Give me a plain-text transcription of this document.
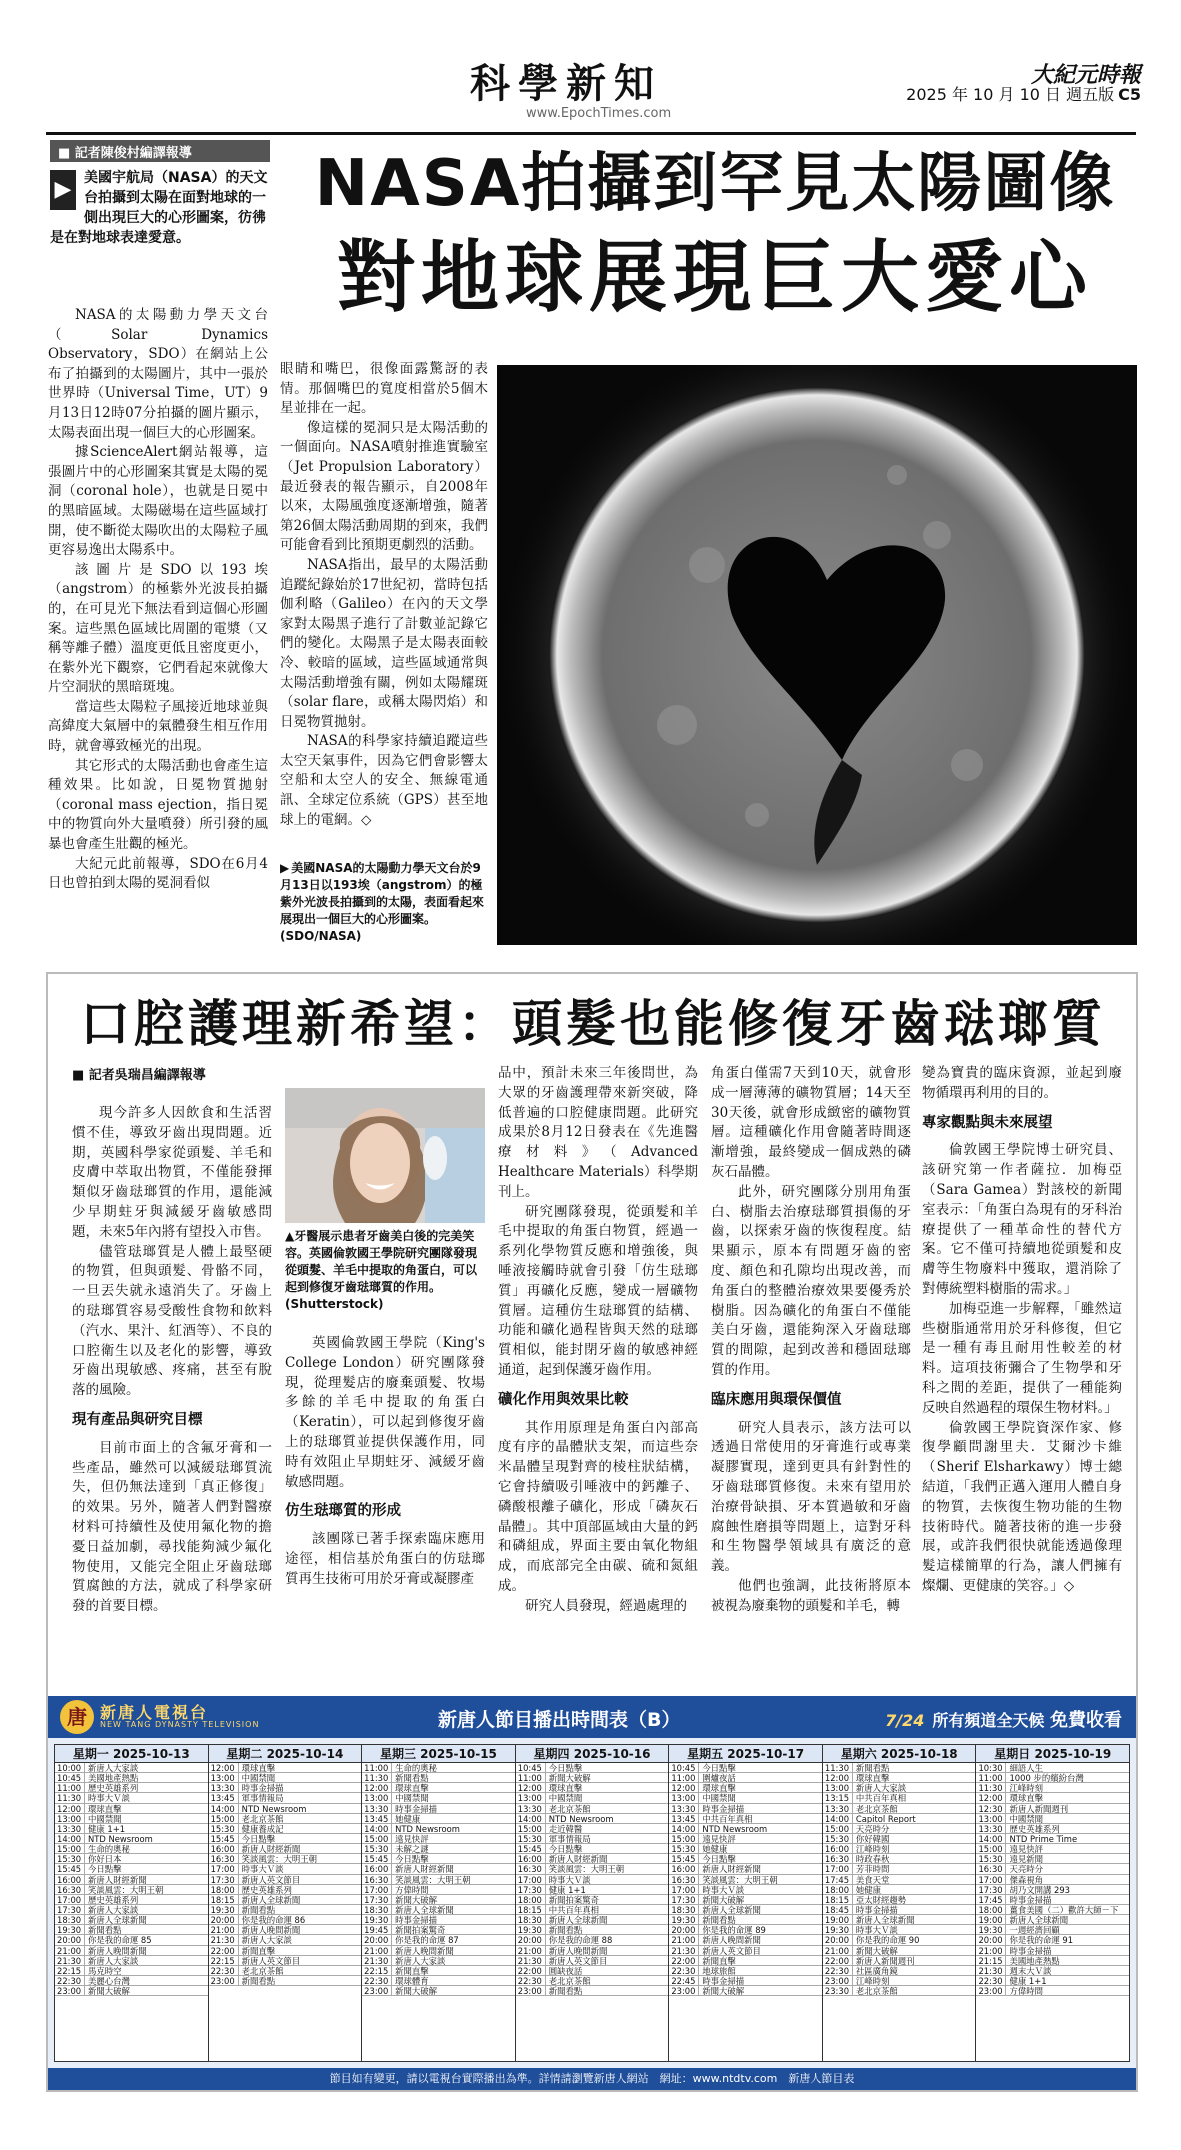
科學新知
www.EpochTimes.com
大紀元時報
2025 年 10 月 10 日 週五版 C5
■ 記者陳俊村編譯報導
▶ 美國宇航局（NASA）的天文台拍攝到太陽在面對地球的一側出現巨大的心形圖案，彷彿是在對地球表達愛意。
NASA拍攝到罕見太陽圖像
對地球展現巨大愛心

NASA的太陽動力學天文台（Solar Dynamics Observatory，SDO）在網站上公布了拍攝到的太陽圖片，其中一張於世界時（Universal Time，UT）9月13日12時07分拍攝的圖片顯示，太陽表面出現一個巨大的心形圖案。

據ScienceAlert網站報導，這張圖片中的心形圖案其實是太陽的冕洞（coronal hole），也就是日冕中的黑暗區域。太陽磁場在這些區域打開，使不斷從太陽吹出的太陽粒子風更容易逸出太陽系中。

該圖片是SDO以193埃（angstrom）的極紫外光波長拍攝的，在可見光下無法看到這個心形圖案。這些黑色區域比周圍的電漿（又稱等離子體）溫度更低且密度更小，在紫外光下觀察，它們看起來就像大片空洞狀的黑暗斑塊。

當這些太陽粒子風接近地球並與高緯度大氣層中的氣體發生相互作用時，就會導致極光的出現。

其它形式的太陽活動也會產生這種效果。比如說，日冕物質拋射（coronal mass ejection，指日冕中的物質向外大量噴發）所引發的風暴也會產生壯觀的極光。

大紀元此前報導，SDO在6月4日也曾拍到太陽的冕洞看似

眼睛和嘴巴，很像面露驚訝的表情。那個嘴巴的寬度相當於5個木星並排在一起。

像這樣的冕洞只是太陽活動的一個面向。NASA噴射推進實驗室（Jet Propulsion Laboratory）最近發表的報告顯示，自2008年以來，太陽風強度逐漸增強，隨著第26個太陽活動周期的到來，我們可能會看到比預期更劇烈的活動。

NASA指出，最早的太陽活動追蹤紀錄始於17世紀初，當時包括伽利略（Galileo）在內的天文學家對太陽黑子進行了計數並記錄它們的變化。太陽黑子是太陽表面較冷、較暗的區域，這些區域通常與太陽活動增強有關，例如太陽耀斑（solar flare，或稱太陽閃焰）和日冕物質拋射。

NASA的科學家持續追蹤這些太空天氣事件，因為它們會影響太空船和太空人的安全、無線電通訊、全球定位系統（GPS）甚至地球上的電網。◇

▶ 美國NASA的太陽動力學天文台於9月13日以193埃（angstrom）的極紫外光波長拍攝到的太陽，表面看起來展現出一個巨大的心形圖案。(SDO/NASA)
口腔護理新希望：頭髮也能修復牙齒琺瑯質
■ 記者吳瑞昌編譯報導

現今許多人因飲食和生活習慣不佳，導致牙齒出現問題。近期，英國科學家從頭髮、羊毛和皮膚中萃取出物質，不僅能發揮類似牙齒琺瑯質的作用，還能減少早期蛀牙與減緩牙齒敏感問題，未來5年內將有望投入市售。

儘管琺瑯質是人體上最堅硬的物質，但與頭髮、骨骼不同，一旦丟失就永遠消失了。牙齒上的琺瑯質容易受酸性食物和飲料（汽水、果汁、紅酒等）、不良的口腔衛生以及老化的影響，導致牙齒出現敏感、疼痛，甚至有脫落的風險。

現有產品與研究目標

目前市面上的含氟牙膏和一些產品，雖然可以減緩琺瑯質流失，但仍無法達到「真正修復」的效果。另外，隨著人們對醫療材料可持續性及使用氟化物的擔憂日益加劇，尋找能夠減少氟化物使用，又能完全阻止牙齒琺瑯質腐蝕的方法，就成了科學家研發的首要目標。

▲牙醫展示患者牙齒美白後的完美笑容。英國倫敦國王學院研究團隊發現從頭髮、羊毛中提取的角蛋白，可以起到修復牙齒琺瑯質的作用。(Shutterstock)

英國倫敦國王學院（King's College London）研究團隊發現，從理髮店的廢棄頭髮、牧場多餘的羊毛中提取的角蛋白（Keratin），可以起到修復牙齒上的琺瑯質並提供保護作用，同時有效阻止早期蛀牙、減緩牙齒敏感問題。

仿生琺瑯質的形成

該團隊已著手探索臨床應用途徑，相信基於角蛋白的仿琺瑯質再生技術可用於牙膏或凝膠產

品中，預計未來三年後問世，為大眾的牙齒護理帶來新突破，降低普遍的口腔健康問題。此研究成果於8月12日發表在《先進醫療材料》（Advanced Healthcare Materials）科學期刊上。

研究團隊發現，從頭髮和羊毛中提取的角蛋白物質，經過一系列化學物質反應和增強後，與唾液接觸時就會引發「仿生琺瑯質」再礦化反應，變成一層礦物質層。這種仿生琺瑯質的結構、功能和礦化過程皆與天然的琺瑯質相似，能封閉牙齒的敏感神經通道，起到保護牙齒作用。

礦化作用與效果比較

其作用原理是角蛋白內部高度有序的晶體狀支架，而這些奈米晶體呈現對齊的棱柱狀結構，它會持續吸引唾液中的鈣離子、磷酸根離子礦化，形成「磷灰石晶體」。其中頂部區域由大量的鈣和磷組成，界面主要由氧化物組成，而底部完全由碳、硫和氮組成。

研究人員發現，經過處理的

角蛋白僅需7天到10天，就會形成一層薄薄的礦物質層；14天至30天後，就會形成緻密的礦物質層。這種礦化作用會隨著時間逐漸增強，最終變成一個成熟的磷灰石晶體。

此外，研究團隊分別用角蛋白、樹脂去治療琺瑯質損傷的牙齒，以探索牙齒的恢復程度。結果顯示，原本有問題牙齒的密度、顏色和孔隙均出現改善，而角蛋白的整體治療效果要優秀於樹脂。因為礦化的角蛋白不僅能美白牙齒，還能夠深入牙齒琺瑯質的間隙，起到改善和穩固琺瑯質的作用。

臨床應用與環保價值

研究人員表示，該方法可以透過日常使用的牙膏進行或專業凝膠實現，達到更具有針對性的牙齒琺瑯質修復。未來有望用於治療骨缺損、牙本質過敏和牙齒腐蝕性磨損等問題上，這對牙科和生物醫學領域具有廣泛的意義。

他們也強調，此技術將原本被視為廢棄物的頭髮和羊毛，轉

變為寶貴的臨床資源，並起到廢物循環再利用的目的。

專家觀點與未來展望

倫敦國王學院博士研究員、該研究第一作者薩拉．加梅亞（Sara Gamea）對該校的新聞室表示：「角蛋白為現有的牙科治療提供了一種革命性的替代方案。它不僅可持續地從頭髮和皮膚等生物廢料中獲取，還消除了對傳統塑料樹脂的需求。」

加梅亞進一步解釋，「雖然這些樹脂通常用於牙科修復，但它是一種有毒且耐用性較差的材料。這項技術彌合了生物學和牙科之間的差距，提供了一種能夠反映自然過程的環保生物材料。」

倫敦國王學院資深作家、修復學顧問謝里夫．艾爾沙卡維（Sherif Elsharkawy）博士總結道，「我們正邁入運用人體自身的物質，去恢復生物功能的生物技術時代。隨著技術的進一步發展，或許我們很快就能透過像理髮這樣簡單的行為，讓人們擁有燦爛、更健康的笑容。」◇

唐 新唐人電視台
NEW TANG DYNASTY TELEVISION	新唐人節目播出時間表（B）	7/24 所有頻道全天候 免費收看
星期一 2025-10-13
10:00 新唐人大家談
10:45 美國地產熱點
11:00 歷史英雄系列
11:30 時事大Ｖ談
12:00 環球直擊
13:00 中國禁聞
13:30 健康 1+1
14:00 NTD Newsroom
15:00 生命的奧秘
15:30 你好日本
15:45 今日點擊
16:00 新唐人財經新聞
16:30 笑談風雲：大明王朝
17:00 歷史英雄系列
17:30 新唐人大家談
18:30 新唐人全球新聞
19:30 新聞看點
20:00 你是我的命運 85
21:00 新唐人晚間新聞
21:30 新唐人大家談
22:15 馬克時空
22:30 美麗心台灣
23:00 新聞大破解
星期二 2025-10-14
12:00 環球直擊
13:00 中國禁聞
13:30 時事金掃描
13:45 軍事情報局
14:00 NTD Newsroom
15:00 老北京茶館
15:30 健康養成記
15:45 今日點擊
16:00 新唐人財經新聞
16:30 笑談風雲：大明王朝
17:00 時事大Ｖ談
17:30 新唐人英文節目
18:00 歷史英雄系列
18:15 新唐人全球新聞
19:30 新聞看點
20:00 你是我的命運 86
21:00 新唐人晚間新聞
21:30 新唐人大家談
22:00 新聞直擊
22:15 新唐人英文節目
22:30 老北京茶館
23:00 新聞看點
星期三 2025-10-15
11:00 生命的奧秘
11:30 新聞看點
12:00 環球直擊
13:00 中國禁聞
13:30 時事金掃描
13:45 她健康
14:00 NTD Newsroom
15:00 遠見快評
15:30 未解之謎
15:45 今日點擊
16:00 新唐人財經新聞
16:30 笑談風雲：大明王朝
17:00 方偉時間
17:30 新聞大破解
18:30 新唐人全球新聞
19:30 時事金掃描
19:45 新聞拍案驚奇
20:00 你是我的命運 87
21:00 新唐人晚間新聞
21:30 新唐人大家談
22:15 新聞直擊
22:30 環球體育
23:00 新聞大破解
星期四 2025-10-16
10:45 今日點擊
11:00 新聞大破解
12:00 環球直擊
13:00 中國禁聞
13:30 老北京茶館
14:00 NTD Newsroom
15:00 走近韓醫
15:30 軍事情報局
15:45 今日點擊
16:00 新唐人財經新聞
16:30 笑談風雲：大明王朝
17:00 時事大Ｖ談
17:30 健康 1+1
18:00 新聞拍案驚奇
18:15 中共百年真相
18:30 新唐人全球新聞
19:30 新聞看點
20:00 你是我的命運 88
21:00 新唐人晚間新聞
21:30 新唐人英文節目
22:00 圓缺夜話
22:30 老北京茶館
23:00 新聞看點
星期五 2025-10-17
10:45 今日點擊
11:00 圍爐夜話
12:00 環球直擊
13:00 中國禁聞
13:30 時事金掃描
13:45 中共百年真相
14:00 NTD Newsroom
15:00 遠見快評
15:30 她健康
15:45 今日點擊
16:00 新唐人財經新聞
16:30 笑談風雲：大明王朝
17:00 時事大Ｖ談
17:30 新聞大破解
18:30 新唐人全球新聞
19:30 新聞看點
20:00 你是我的命運 89
21:00 新唐人晚間新聞
21:30 新唐人英文節目
22:00 新聞直擊
22:30 地球旅館
22:45 時事金掃描
23:00 新聞大破解
星期六 2025-10-18
11:30 新聞看點
12:00 環球直擊
13:00 新唐人大家談
13:15 中共百年真相
13:30 老北京茶館
14:00 Capitol Report
15:00 天亮時分
15:30 你好韓國
16:00 江峰時刻
16:30 時政春秋
17:00 芳菲時間
17:45 美食天堂
18:00 她健康
18:15 亞太財經趨勢
18:45 時事金掃描
19:00 新唐人全球新聞
19:30 時事大Ｖ談
20:00 你是我的命運 90
21:00 新聞大破解
22:00 新唐人新聞週刊
22:30 社區廣角鏡
23:00 江峰時刻
23:30 老北京茶館
星期日 2025-10-19
10:30 細語人生
11:00 1000 步的繽紛台灣
11:30 江峰時刻
12:00 環球直擊
12:30 新唐人新聞週刊
13:00 中國禁聞
13:30 歷史英雄系列
14:00 NTD Prime Time
15:00 遠見快評
15:30 遠見新聞
16:30 天亮時分
17:00 傑森視角
17:30 胡乃文開講 293
17:45 時事金掃描
18:00 薑食美國（二）歡許大師－下
19:00 新唐人全球新聞
19:30 一週經濟回顧
20:00 你是我的命運 91
21:00 時事金掃描
21:15 美國地產熱點
21:30 週末大Ｖ談
22:30 健康 1+1
23:00 方偉時間
節目如有變更，請以電視台實際播出為準。詳情請瀏覽新唐人網站　網址：www.ntdtv.com　新唐人節目表
